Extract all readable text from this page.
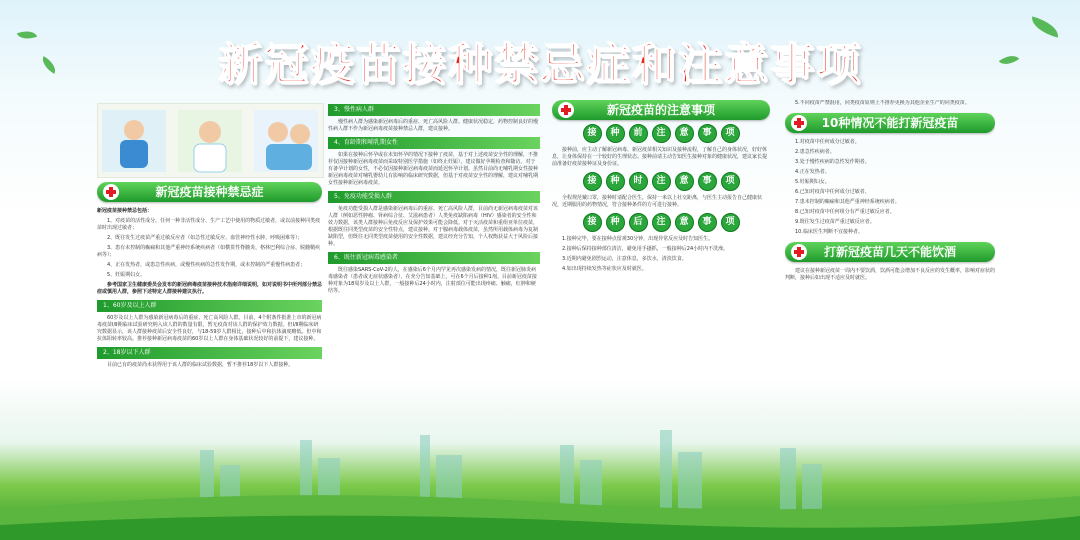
新冠疫苗接种禁忌症和注意事项
新冠疫苗接种禁忌症

新冠疫苗接种禁忌包括：

1、对疫苗的活性成分、任何一种非活性成分、生产工艺中使用的物质过敏者，或以前接种同类疫苗时出现过敏者；

2、既往发生过疫苗严重过敏反应者（如急性过敏反应、血管神经性水肿、呼吸困难等）；

3、患有未控制的癫痫和其他严重神经系统疾病者（如横贯性脊髓炎、格林巴利综合症、脱髓鞘疾病等）；

4、正在发热者，或患急性疾病，或慢性疾病的急性发作期，或未控制的严重慢性病患者；

5、妊娠期妇女。

参考国家卫生健康委员会发布的新冠病毒疫苗接种技术指南详细说明，如对说明书中所列部分禁忌症或慎用人群，参照下述特定人群接种建议执行。

1、60岁及以上人群

60岁及以上人群为感染新冠病毒后的重症、死亡高风险人群。目前，4个附条件批准上市的新冠病毒疫苗Ⅰ/Ⅱ期临床试验研究纳入该人群的数量有限，暂无疫苗对该人群的保护效力数据。但Ⅰ/Ⅱ期临床研究数据显示，该人群接种疫苗后安全性良好，与18-59岁人群相比，接种后中和抗体滴度略低。但中和抗体阳转率较高。推荐接种新冠病毒疫苗的60岁以上人群在身体基础状况较好的前提下，建议接种。

2、18岁以下人群

目前已有的疫苗尚未获得用于该人群的临床试验数据，暂不推荐18岁以下人群接种。

3、慢性病人群

慢性病人群为感染新冠病毒后的重症、死亡高风险人群。健康状况稳定，药物控制良好的慢性病人群不作为新冠病毒疫苗接种禁忌人群，建议接种。

4、育龄期和哺乳期女性

如果在接种后怀孕或在未知怀孕的情况下接种了疫苗，基于对上述疫苗安全性的理解，不推荐仅因接种新冠病毒疫苗而采取特别医学措施（如终止妊娠），建议做好孕期检查和随访。对于有备孕计划的女性，不必仅因接种新冠病毒疫苗而延迟怀孕计划。虽然目前尚无哺乳期女性接种新冠病毒疫苗对哺乳婴幼儿有影响的临床研究数据，但基于对疫苗安全性的理解，建议对哺乳期女性接种新冠病毒疫苗。

5、免疫功能受损人群

免疫功能受损人群是感染新冠病毒后的重症、死亡高风险人群，目前尚无新冠病毒疫苗对该人群（例如恶性肿瘤、肾病综合征、艾滋病患者）人类免疫缺陷病毒（HIV）感染者的安全性和效力数据，该类人群接种后免疫反应及保护效果可能会降低。对于灭活疫苗和重组亚单位疫苗，根据既往同类型疫苗的安全性特点，建议接种。对于腺病毒载体疫苗，虽然所用载体病毒为复制缺陷型，但既往无同类型疫苗使用的安全性数据，建议经充分告知，个人权衡获益大于风险后接种。

6、既往新冠病毒感染者

既往感染SARS-CoV-2的人，在感染后6个月内罕见再次感染发病的情况，既往新冠肺炎病毒感染者（患者或无症状感染者），在充分告知基础上，可在6个月后接种1剂。目前新冠疫苗接种对象为18周岁及以上人群，一般接种后24小时内，注射部位可能出现疼痛、触痛，红肿和硬结等。

新冠疫苗的注意事项
接	种	前	注	意	事	项

接种前，应主动了解新冠病毒、新冠疫苗相关知识及接种流程，了解自己的身体状况，好好休息，让身体保持在一个较好的生理状态。接种前请主动告知医生接种对象的健康状况，建议家长提前准备好疫苗接种证及身份证。

接	种	时	注	意	事	项

全程规范戴口罩，接种时请配合医生，保持一米以上社交距离，与医生主动报告自己健康状况，近期服用的药物情况，符合接种条件的方可进行接种。

接	种	后	注	意	事	项

1.接种完毕，要在接种点留观30分钟，出现异常反应及时告知医生。

2.接种后保持接种部位清洁，避免用手搔抓，一般接种后24小时内不洗澡。

3.近期内避免剧烈运动，注意休息，多饮水，清淡饮食。

4.如出现持续发热等症状应及时就医。

5.不同疫苗严禁混用，同类疫苗原则上不推荐更换为其他企业生产的同类疫苗。

10种情况不能打新冠疫苗

1.对疫苗中任何成分过敏者。

2.患急性疾病者。

3.处于慢性疾病的急性发作期者。

4.正在发热者。

5.妊娠期妇女。

6.已知对疫苗中任何成分过敏者。

7.患未控制的癫痫和其他严重神经系统疾病者。

8.已知对疫苗中任何组分有严重过敏反应者。

9.既往发生过疫苗严重过敏反应者。

10.临床医生判断不宜接种者。

打新冠疫苗几天不能饮酒

建议在接种新冠疫苗一周内不要饮酒，饮酒可能会增加不良反应的发生概率，影响对症状的判断，接种后如出现不适应及时就医。
